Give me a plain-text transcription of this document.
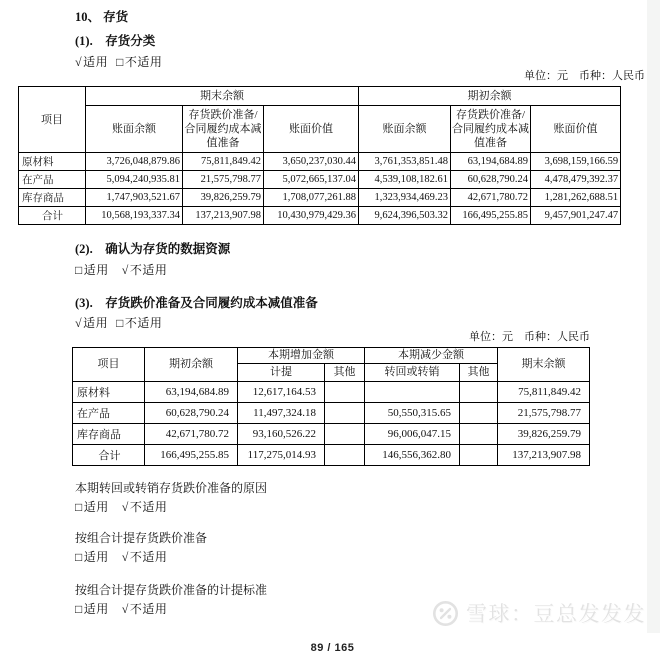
10、 存货
(1).　存货分类
√适用 □不适用
单位：元　币种：人民币
项目	期末余额			期初余额		
	账面余额	存货跌价准备/合同履约成本减值准备	账面价值	账面余额	存货跌价准备/合同履约成本减值准备	账面价值
原材料	3,726,048,879.86	75,811,849.42	3,650,237,030.44	3,761,353,851.48	63,194,684.89	3,698,159,166.59
在产品	5,094,240,935.81	21,575,798.77	5,072,665,137.04	4,539,108,182.61	60,628,790.24	4,478,479,392.37
库存商品	1,747,903,521.67	39,826,259.79	1,708,077,261.88	1,323,934,469.23	42,671,780.72	1,281,262,688.51
合计	10,568,193,337.34	137,213,907.98	10,430,979,429.36	9,624,396,503.32	166,495,255.85	9,457,901,247.47
(2).　确认为存货的数据资源
□适用 √不适用
(3).　存货跌价准备及合同履约成本减值准备
√适用 □不适用
单位：元　币种：人民币
项目	期初余额	本期增加金额		本期减少金额		期末余额
		计提	其他	转回或转销	其他	
原材料	63,194,684.89	12,617,164.53				75,811,849.42
在产品	60,628,790.24	11,497,324.18		50,550,315.65		21,575,798.77
库存商品	42,671,780.72	93,160,526.22		96,006,047.15		39,826,259.79
合计	166,495,255.85	117,275,014.93		146,556,362.80		137,213,907.98
本期转回或转销存货跌价准备的原因
□适用 √不适用
按组合计提存货跌价准备
□适用 √不适用
按组合计提存货跌价准备的计提标准
□适用 √不适用
89 / 165
雪球：豆总发发发
